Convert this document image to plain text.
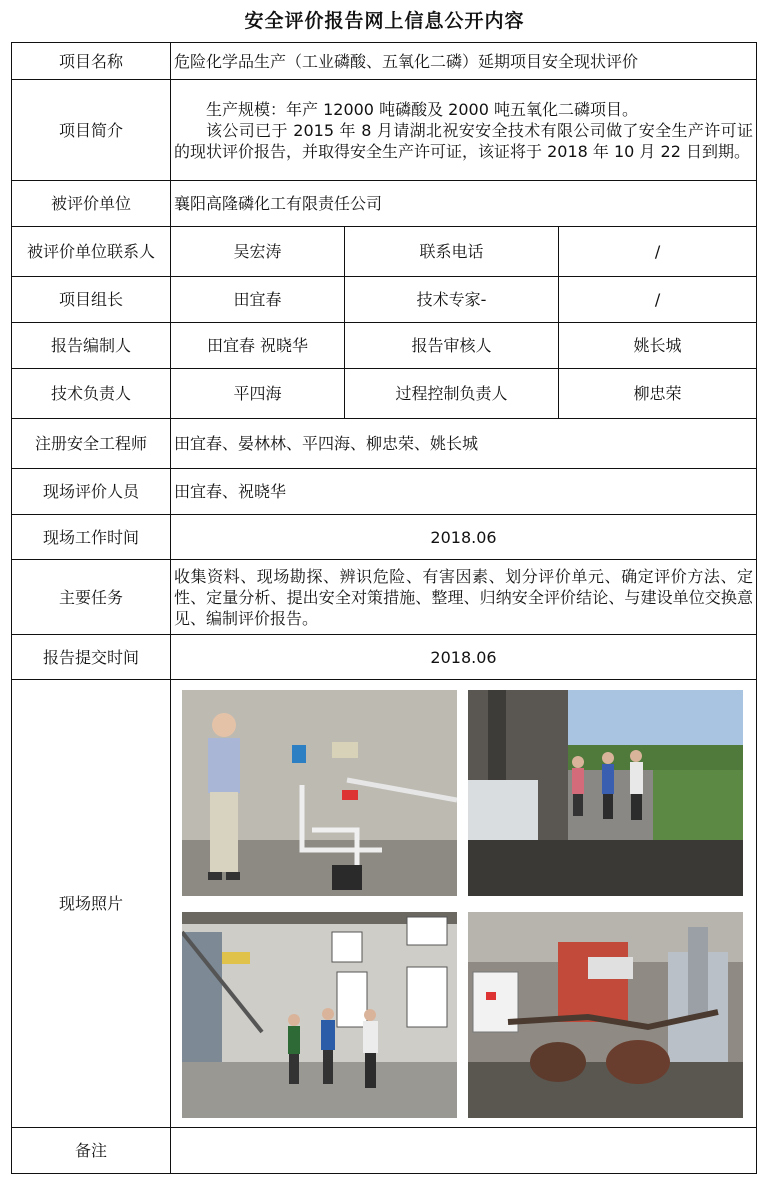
安全评价报告网上信息公开内容
项目名称	危险化学品生产（工业磷酸、五氧化二磷）延期项目安全现状评价		
项目简介	生产规模：年产 12000 吨磷酸及 2000 吨五氧化二磷项目。

该公司已于 2015 年 8 月请湖北祝安安全技术有限公司做了安全生产许可证的现状评价报告，并取得安全生产许可证，该证将于 2018 年 10 月 22 日到期。		

被评价单位	襄阳高隆磷化工有限责任公司		
被评价单位联系人	吴宏涛	联系电话	/
项目组长	田宜春	技术专家-	/
报告编制人	田宜春 祝晓华	报告审核人	姚长城
技术负责人	平四海	过程控制负责人	柳忠荣
注册安全工程师	田宜春、晏林林、平四海、柳忠荣、姚长城		
现场评价人员	田宜春、祝晓华		
现场工作时间	2018.06		
主要任务	收集资料、现场勘探、辨识危险、有害因素、划分评价单元、确定评价方法、定性、定量分析、提出安全对策措施、整理、归纳安全评价结论、与建设单位交换意见、编制评价报告。		
报告提交时间	2018.06		
现场照片	

备注			
